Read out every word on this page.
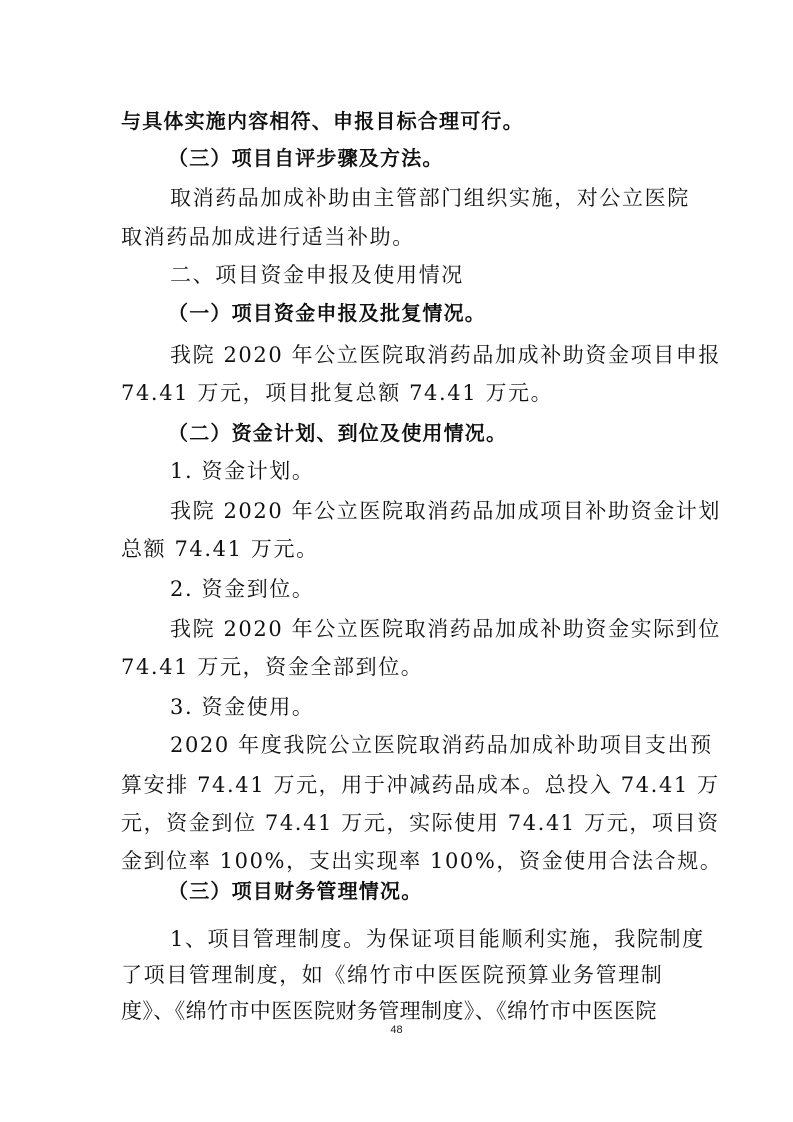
与具体实施内容相符、申报目标合理可行。
（三）项目自评步骤及方法。
取消药品加成补助由主管部门组织实施，对公立医院
取消药品加成进行适当补助。
二、项目资金申报及使用情况
（一）项目资金申报及批复情况。
我院 2020 年公立医院取消药品加成补助资金项目申报
74.41 万元，项目批复总额 74.41 万元。
（二）资金计划、到位及使用情况。
1. 资金计划。
我院 2020 年公立医院取消药品加成项目补助资金计划
总额 74.41 万元。
2. 资金到位。
我院 2020 年公立医院取消药品加成补助资金实际到位
74.41 万元，资金全部到位。
3. 资金使用。
2020 年度我院公立医院取消药品加成补助项目支出预
算安排 74.41 万元，用于冲减药品成本。总投入 74.41 万
元，资金到位 74.41 万元，实际使用 74.41 万元，项目资
金到位率 100%，支出实现率 100%，资金使用合法合规。
（三）项目财务管理情况。
1、项目管理制度。为保证项目能顺利实施，我院制度
了项目管理制度，如《绵竹市中医医院预算业务管理制
度》、《绵竹市中医医院财务管理制度》、《绵竹市中医医院
48
